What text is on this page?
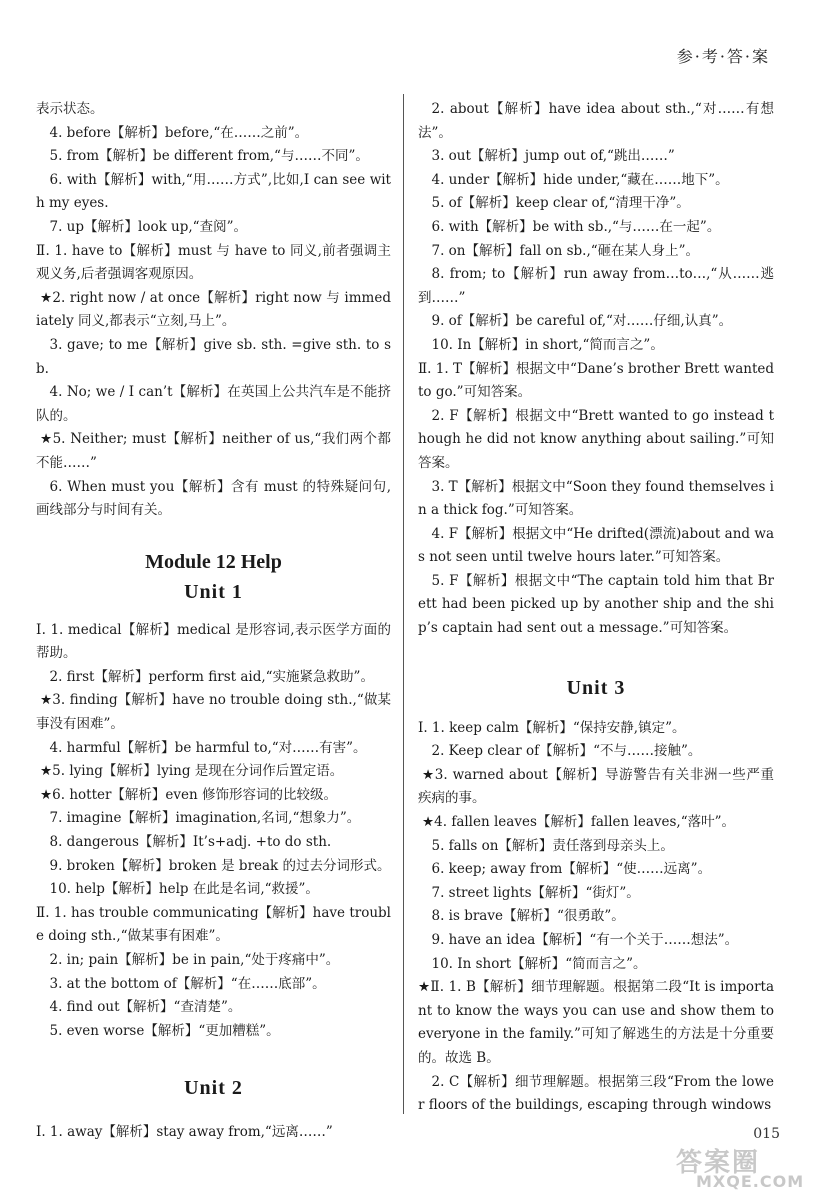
参·考·答·案
表示状态。
4. before【解析】before,“在……之前”。
5. from【解析】be different from,“与……不同”。
6. with【解析】with,“用……方式”,比如,I can see with my eyes.
7. up【解析】look up,“查阅”。
Ⅱ. 1. have to【解析】must 与 have to 同义,前者强调主观义务,后者强调客观原因。
★2. right now / at once【解析】right now 与 immediately 同义,都表示“立刻,马上”。
3. gave; to me【解析】give sb. sth. =give sth. to sb.
4. No; we / I can’t【解析】在英国上公共汽车是不能挤队的。
★5. Neither; must【解析】neither of us,“我们两个都不能……”
6. When must you【解析】含有 must 的特殊疑问句,画线部分与时间有关。
Module 12 Help
Unit 1
Ⅰ. 1. medical【解析】medical 是形容词,表示医学方面的帮助。
2. first【解析】perform first aid,“实施紧急救助”。
★3. finding【解析】have no trouble doing sth.,“做某事没有困难”。
4. harmful【解析】be harmful to,“对……有害”。
★5. lying【解析】lying 是现在分词作后置定语。
★6. hotter【解析】even 修饰形容词的比较级。
7. imagine【解析】imagination,名词,“想象力”。
8. dangerous【解析】It’s+adj. +to do sth.
9. broken【解析】broken 是 break 的过去分词形式。
10. help【解析】help 在此是名词,“救援”。
Ⅱ. 1. has trouble communicating【解析】have trouble doing sth.,“做某事有困难”。
2. in; pain【解析】be in pain,“处于疼痛中”。
3. at the bottom of【解析】“在……底部”。
4. find out【解析】“查清楚”。
5. even worse【解析】“更加糟糕”。
Unit 2
Ⅰ. 1. away【解析】stay away from,“远离……”
2. about【解析】have idea about sth.,“对……有想法”。
3. out【解析】jump out of,“跳出……”
4. under【解析】hide under,“藏在……地下”。
5. of【解析】keep clear of,“清理干净”。
6. with【解析】be with sb.,“与……在一起”。
7. on【解析】fall on sb.,“砸在某人身上”。
8. from; to【解析】run away from…to…,“从……逃到……”
9. of【解析】be careful of,“对……仔细,认真”。
10. In【解析】in short,“简而言之”。
Ⅱ. 1. T【解析】根据文中“Dane’s brother Brett wanted to go.”可知答案。
2. F【解析】根据文中“Brett wanted to go instead though he did not know anything about sailing.”可知答案。
3. T【解析】根据文中“Soon they found themselves in a thick fog.”可知答案。
4. F【解析】根据文中“He drifted(漂流)about and was not seen until twelve hours later.”可知答案。
5. F【解析】根据文中“The captain told him that Brett had been picked up by another ship and the ship’s captain had sent out a message.”可知答案。
Unit 3
Ⅰ. 1. keep calm【解析】“保持安静,镇定”。
2. Keep clear of【解析】“不与……接触”。
★3. warned about【解析】导游警告有关非洲一些严重疾病的事。
★4. fallen leaves【解析】fallen leaves,“落叶”。
5. falls on【解析】责任落到母亲头上。
6. keep; away from【解析】“使……远离”。
7. street lights【解析】“街灯”。
8. is brave【解析】“很勇敢”。
9. have an idea【解析】“有一个关于……想法”。
10. In short【解析】“简而言之”。
★Ⅱ. 1. B【解析】细节理解题。根据第二段“It is important to know the ways you can use and show them to everyone in the family.”可知了解逃生的方法是十分重要的。故选 B。
2. C【解析】细节理解题。根据第三段“From the lower floors of the buildings, escaping through windows
015
答案圈
MXQE.COM
